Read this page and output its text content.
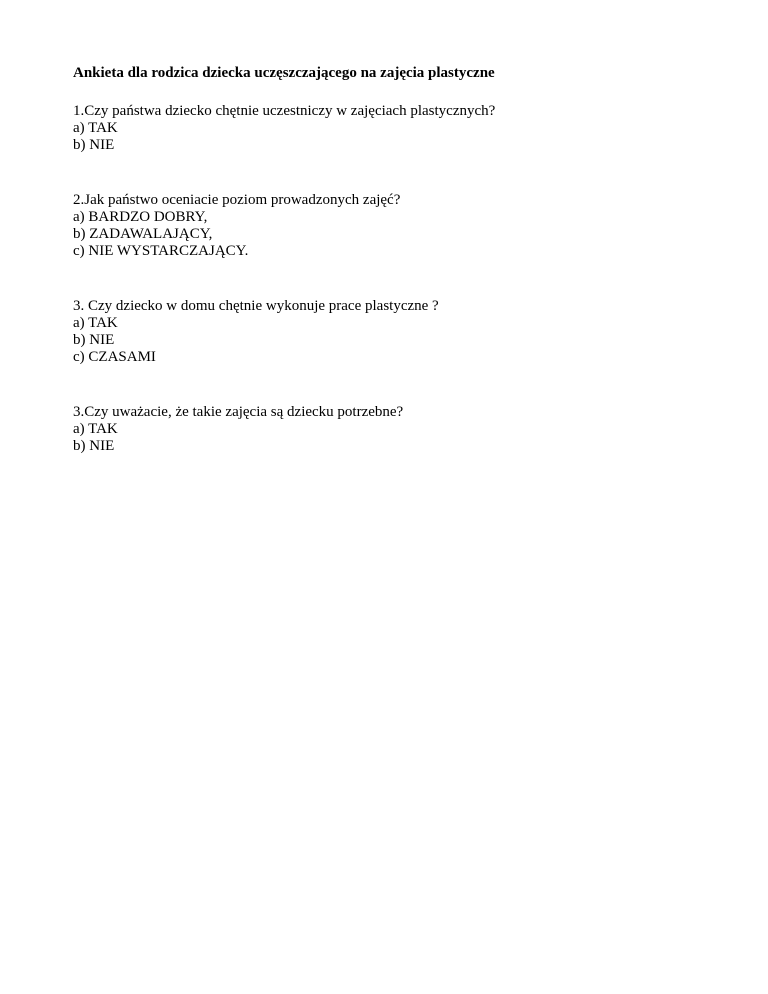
Ankieta dla rodzica dziecka uczęszczającego na zajęcia plastyczne

1.Czy państwa dziecko chętnie uczestniczy w zajęciach plastycznych?

a) TAK

b) NIE

2.Jak państwo oceniacie poziom prowadzonych zajęć?

a) BARDZO DOBRY,

b) ZADAWALAJĄCY,

c) NIE WYSTARCZAJĄCY.

3. Czy dziecko w domu chętnie wykonuje prace plastyczne ?

a) TAK

b) NIE

c) CZASAMI

3.Czy uważacie, że takie zajęcia są dziecku potrzebne?

a) TAK

b) NIE
